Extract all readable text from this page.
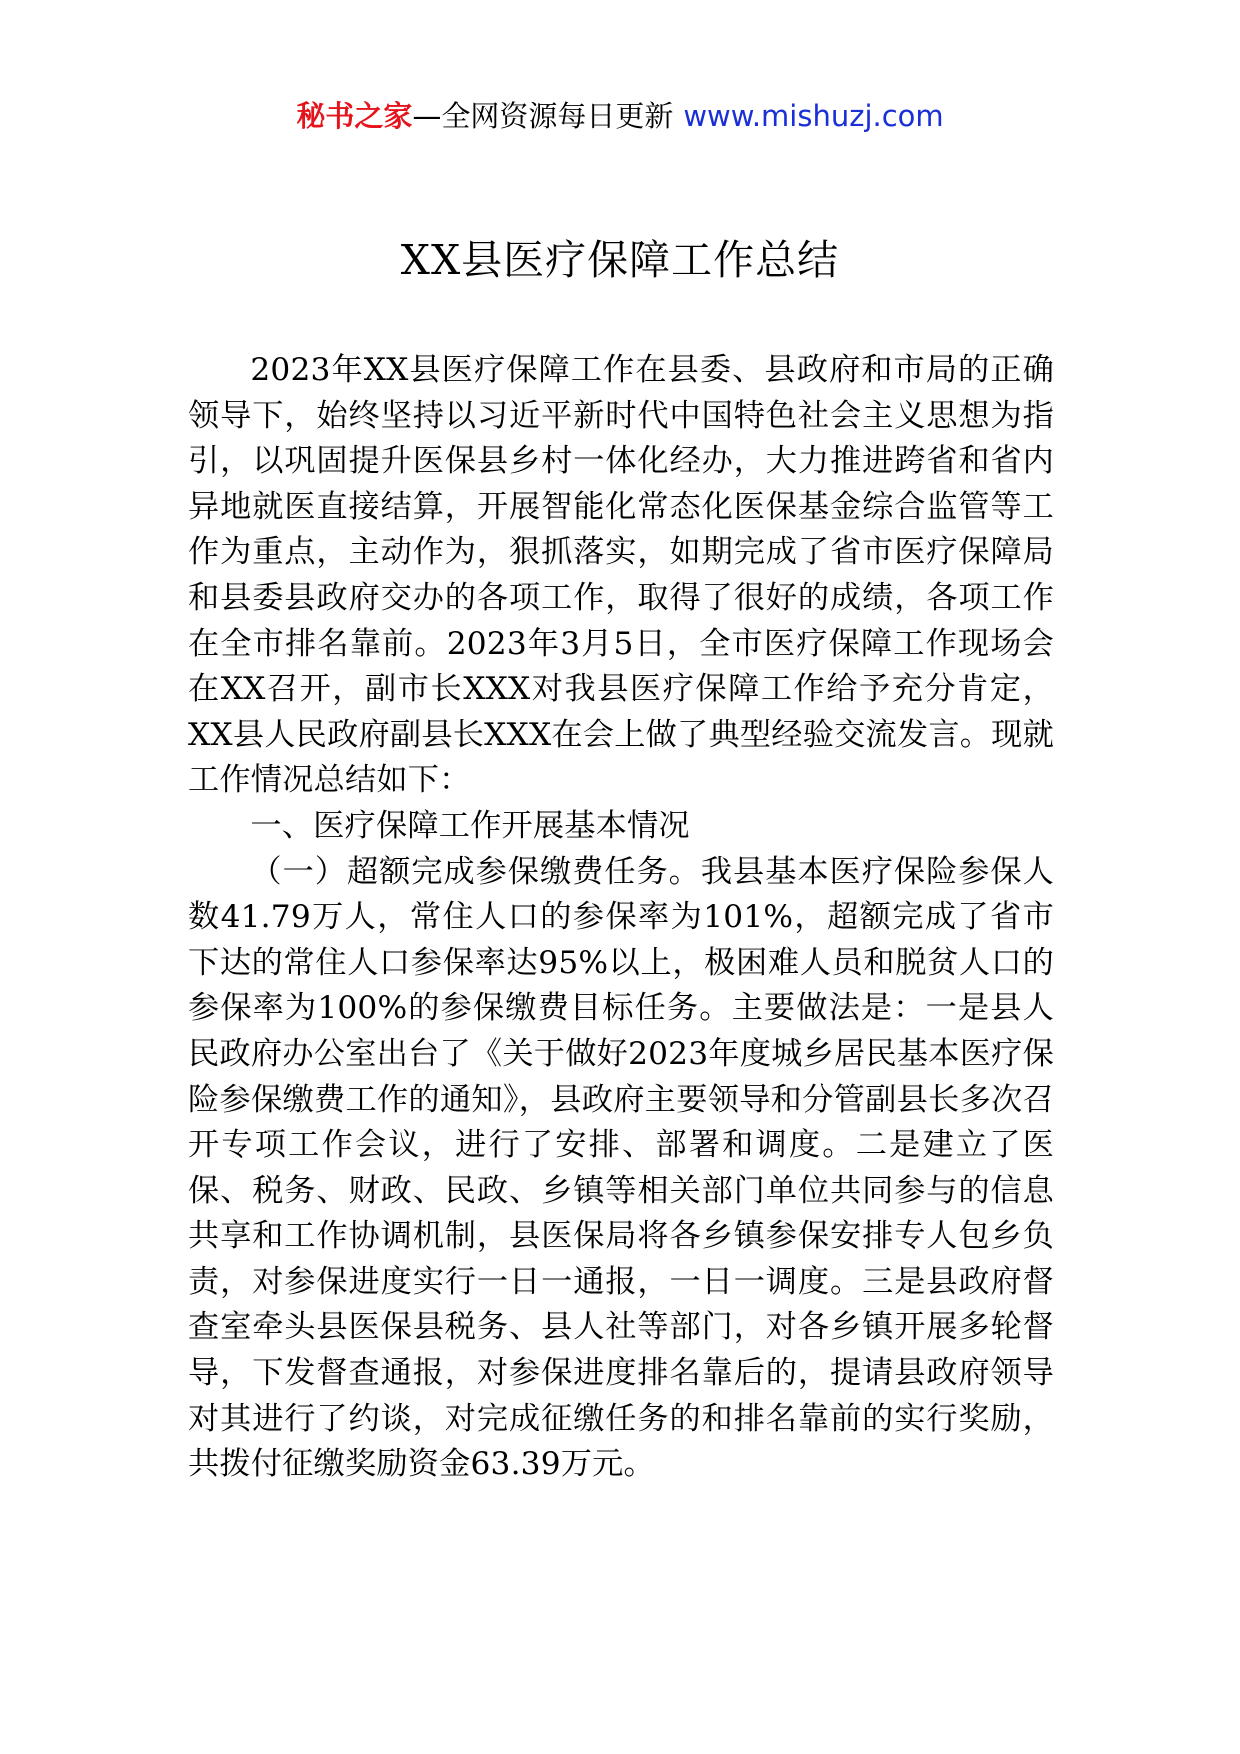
秘书之家—全网资源每日更新 www.mishuzj.com
XX县医疗保障工作总结

2023年XX县医疗保障工作在县委、县政府和市局的正确领导下，始终坚持以习近平新时代中国特色社会主义思想为指引，以巩固提升医保县乡村一体化经办，大力推进跨省和省内异地就医直接结算，开展智能化常态化医保基金综合监管等工作为重点，主动作为，狠抓落实，如期完成了省市医疗保障局和县委县政府交办的各项工作，取得了很好的成绩，各项工作在全市排名靠前。2023年3月5日，全市医疗保障工作现场会在XX召开，副市长XXX对我县医疗保障工作给予充分肯定，XX县人民政府副县长XXX在会上做了典型经验交流发言。现就工作情况总结如下：

一、医疗保障工作开展基本情况

（一）超额完成参保缴费任务。我县基本医疗保险参保人数41.79万人，常住人口的参保率为101%，超额完成了省市下达的常住人口参保率达95%以上，极困难人员和脱贫人口的参保率为100%的参保缴费目标任务。主要做法是：一是县人民政府办公室出台了《关于做好2023年度城乡居民基本医疗保险参保缴费工作的通知》，县政府主要领导和分管副县长多次召开专项工作会议，进行了安排、部署和调度。二是建立了医保、税务、财政、民政、乡镇等相关部门单位共同参与的信息共享和工作协调机制，县医保局将各乡镇参保安排专人包乡负责，对参保进度实行一日一通报，一日一调度。三是县政府督查室牵头县医保县税务、县人社等部门，对各乡镇开展多轮督导，下发督查通报，对参保进度排名靠后的，提请县政府领导对其进行了约谈，对完成征缴任务的和排名靠前的实行奖励，共拨付征缴奖励资金63.39万元。
